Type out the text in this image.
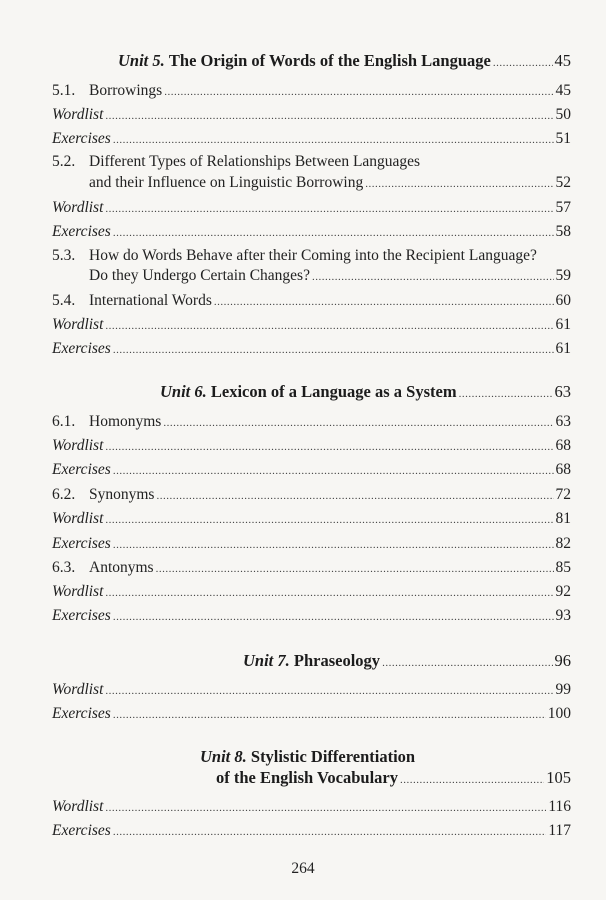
Unit 5.
The Origin of Words of the English Language .....	45
5.1. Borrowings .....	45
Wordlist .....	50
Exercises .....	51
5.2. Different Types of Relationships Between Languages
and their Influence on Linguistic Borrowing .....	52
Wordlist .....	57
Exercises .....	58
5.3. How do Words Behave after their Coming into the Recipient Language?
Do they Undergo Certain Changes? .....	59
5.4. International Words .....	60
Wordlist .....	61
Exercises .....	61
Unit 6.
Lexicon of a Language as a System .....	63
6.1. Homonyms .....	63
Wordlist .....	68
Exercises .....	68
6.2. Synonyms .....	72
Wordlist .....	81
Exercises .....	82
6.3. Antonyms .....	85
Wordlist .....	92
Exercises .....	93
Unit 7.
Phraseology .....	96
Wordlist .....	99
Exercises .....	100
Unit 8.
Stylistic Differentiation
of the English Vocabulary .....	105
Wordlist .....	116
Exercises .....	117
264
